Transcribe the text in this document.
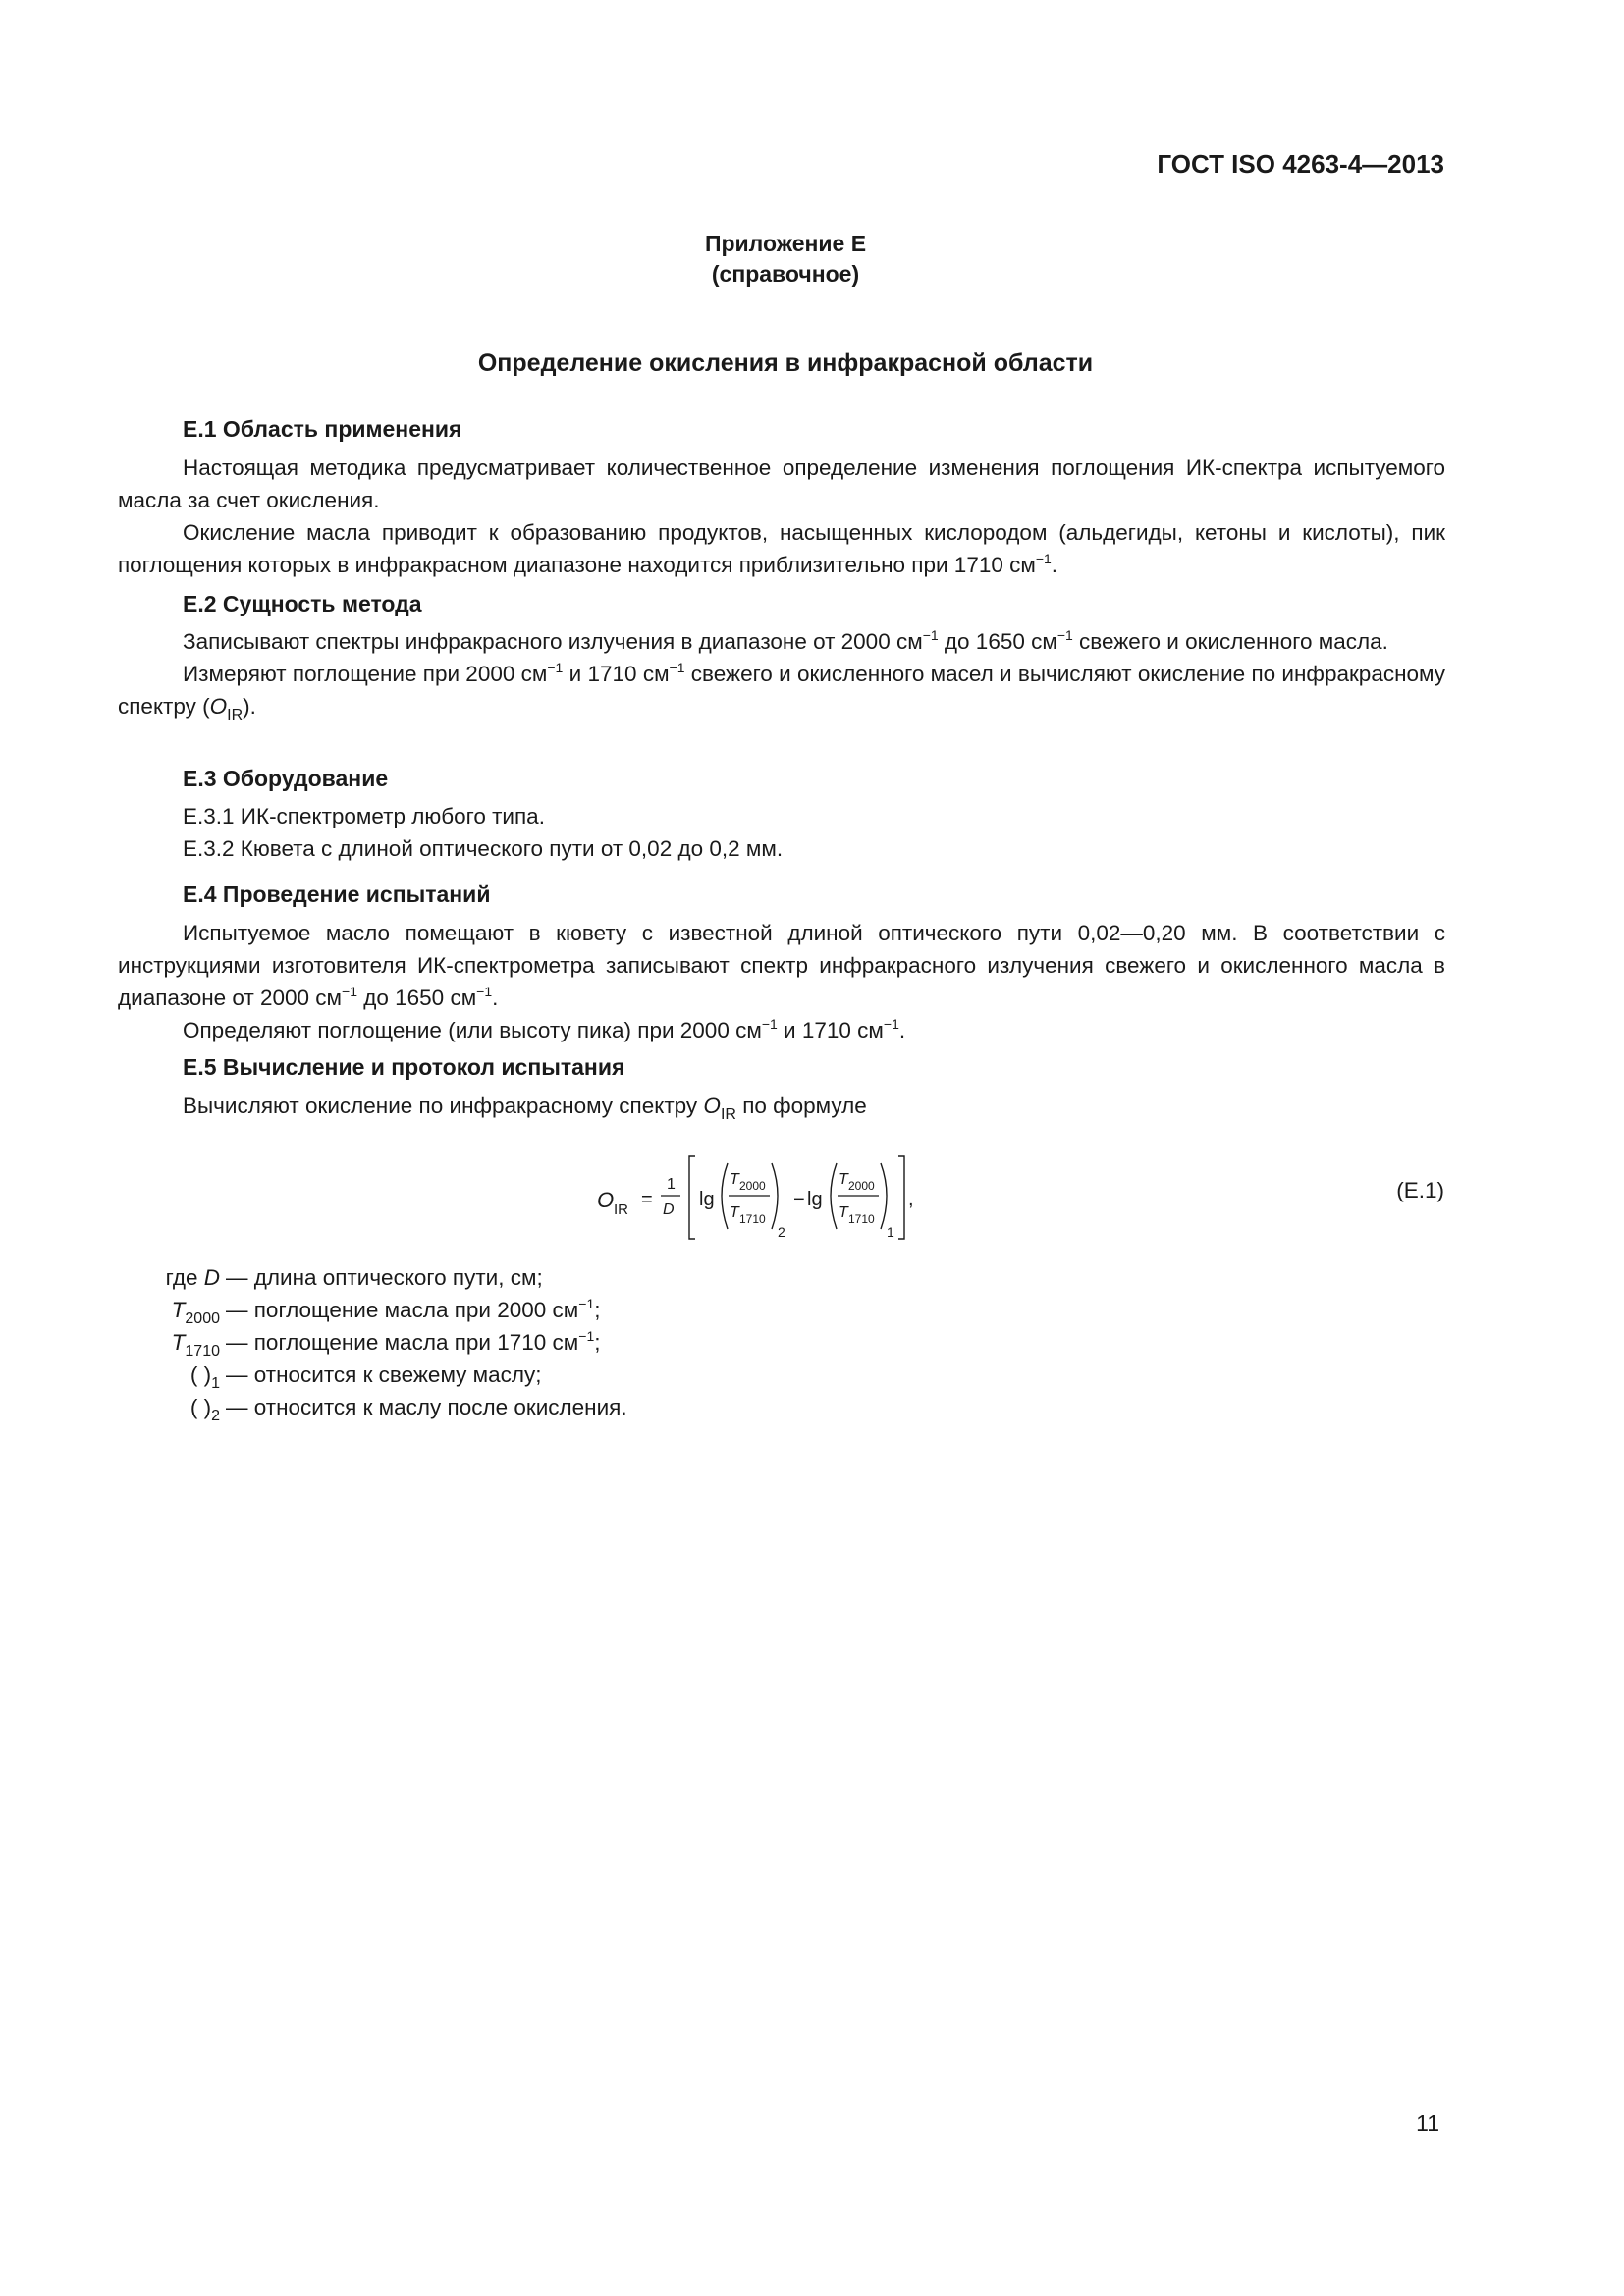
ГОСТ ISO 4263-4—2013
Приложение Е
(справочное)
Определение окисления в инфракрасной области
Е.1 Область применения

Настоящая методика предусматривает количественное определение изменения поглощения ИК-спектра испытуемого масла за счет окисления.

Окисление масла приводит к образованию продуктов, насыщенных кислородом (альдегиды, кетоны и кислоты), пик поглощения которых в инфракрасном диапазоне находится приблизительно при 1710 $см^{-1}$.

Е.2 Сущность метода

Записывают спектры инфракрасного излучения в диапазоне от 2000 $см^{-1}$ до 1650 $см^{-1}$ свежего и окисленного масла.

Измеряют поглощение при 2000 $см^{-1}$ и 1710 $см^{-1}$ свежего и окисленного масел и вычисляют окисление по инфракрасному спектру $(O_{IR})$.

Е.3 Оборудование

Е.3.1 ИК-спектрометр любого типа.

Е.3.2 Кювета с длиной оптического пути от 0,02 до 0,2 мм.

Е.4 Проведение испытаний

Испытуемое масло помещают в кювету с известной длиной оптического пути 0,02—0,20 мм. В соответствии с инструкциями изготовителя ИК-спектрометра записывают спектр инфракрасного излучения свежего и окисленного масла в диапазоне от 2000 $см^{-1}$ до 1650 $см^{-1}$.

Определяют поглощение (или высоту пика) при 2000 $см^{-1}$ и 1710 $см^{-1}$.

Е.5 Вычисление и протокол испытания

Вычисляют окисление по инфракрасному спектру $O_{IR}$ по формуле

O IR =
1
D lg
T 2000
T 1710
2
− lg
T 2000
T 1710
1
,	(Е.1)
где D — длина оптического пути, см;
$T_{2000}$ — поглощение масла при 2000 $см^{-1}$;
$T_{1710}$ — поглощение масла при 1710 $см^{-1}$;
( )$_1$ — относится к свежему маслу;
( )$_2$ — относится к маслу после окисления.
11
